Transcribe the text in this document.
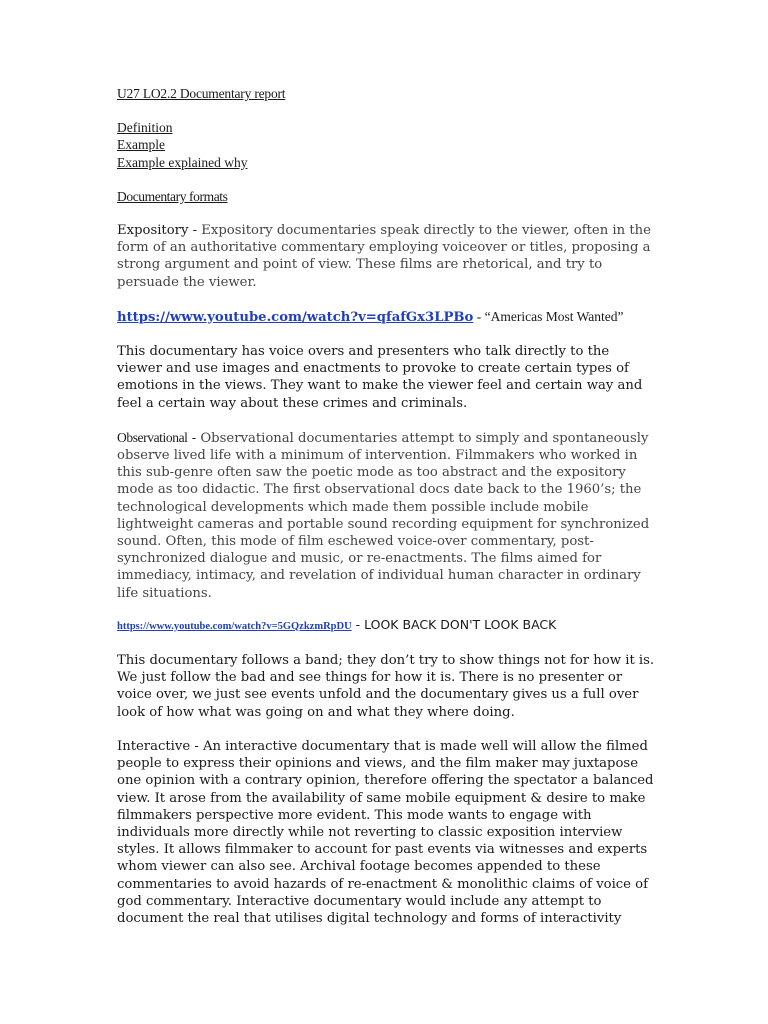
U27 LO2.2 Documentary report

Definition

Example

Example explained why

Documentary formats

Expository - Expository documentaries speak directly to the viewer, often in the form of an authoritative commentary employing voiceover or titles, proposing a strong argument and point of view. These films are rhetorical, and try to persuade the viewer.

https://www.youtube.com/watch?v=qfafGx3LPBo - “Americas Most Wanted”

This documentary has voice overs and presenters who talk directly to the viewer and use images and enactments to provoke to create certain types of emotions in the views. They want to make the viewer feel and certain way and feel a certain way about these crimes and criminals.

Observational - Observational documentaries attempt to simply and spontaneously observe lived life with a minimum of intervention. Filmmakers who worked in this sub-genre often saw the poetic mode as too abstract and the expository mode as too didactic. The first observational docs date back to the 1960’s; the technological developments which made them possible include mobile lightweight cameras and portable sound recording equipment for synchronized sound. Often, this mode of film eschewed voice-over commentary, post-synchronized dialogue and music, or re-enactments. The films aimed for immediacy, intimacy, and revelation of individual human character in ordinary life situations.

https://www.youtube.com/watch?v=5GQzkzmRpDU - LOOK BACK DON'T LOOK BACK

This documentary follows a band; they don’t try to show things not for how it is. We just follow the bad and see things for how it is. There is no presenter or voice over, we just see events unfold and the documentary gives us a full over look of how what was going on and what they where doing.

Interactive - An interactive documentary that is made well will allow the filmed people to express their opinions and views, and the film maker may juxtapose one opinion with a contrary opinion, therefore offering the spectator a balanced view. It arose from the availability of same mobile equipment & desire to make filmmakers perspective more evident. This mode wants to engage with individuals more directly while not reverting to classic exposition interview styles. It allows filmmaker to account for past events via witnesses and experts whom viewer can also see. Archival footage becomes appended to these commentaries to avoid hazards of re-enactment & monolithic claims of voice of god commentary. Interactive documentary would include any attempt to document the real that utilises digital technology and forms of interactivity
